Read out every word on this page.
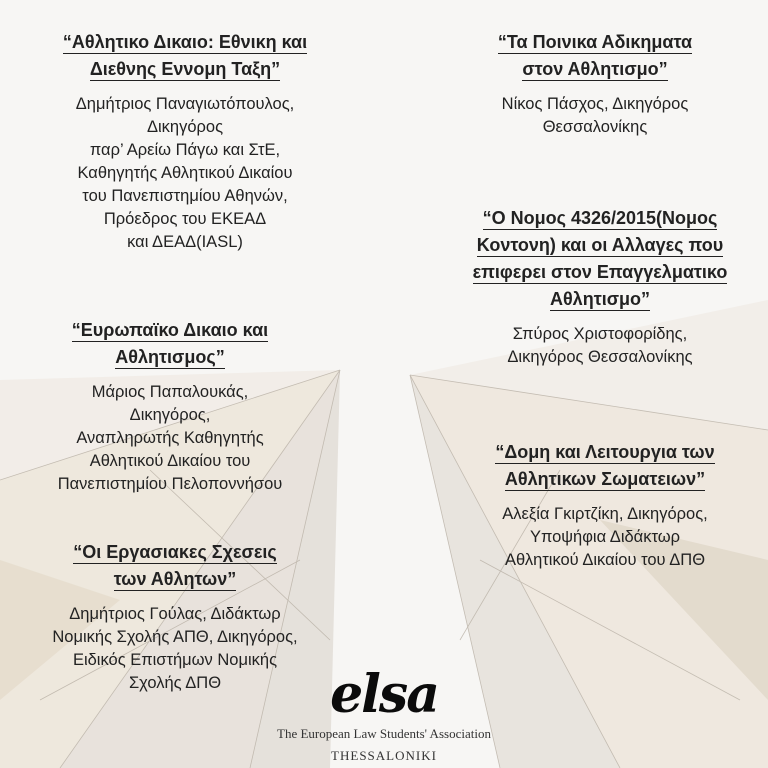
“Αθλητικο Δικαιο: Εθνικη και
Διεθνης Εννομη Ταξη”
Δημήτριος Παναγιωτόπουλος,
Δικηγόρος
παρ’ Αρείω Πάγω και ΣτΕ,
Καθηγητής Αθλητικού Δικαίου
του Πανεπιστημίου Αθηνών,
Πρόεδρος του ΕΚΕΑΔ
και ΔΕΑΔ(IASL)
“Ευρωπαϊκο Δικαιο και
Αθλητισμος”
Μάριος Παπαλουκάς,
Δικηγόρος,
Αναπληρωτής Καθηγητής
Αθλητικού Δικαίου του
Πανεπιστημίου Πελοποννήσου
“Οι Εργασιακες Σχεσεις
των Αθλητων”
Δημήτριος Γούλας, Διδάκτωρ
Νομικής Σχολής ΑΠΘ, Δικηγόρος,
Ειδικός Επιστήμων Νομικής
Σχολής ΔΠΘ
“Τα Ποινικα Αδικηματα
στον Αθλητισμο”
Νίκος Πάσχος, Δικηγόρος
Θεσσαλονίκης
“Ο Νομος 4326/2015(Νομος
Κοντονη) και οι Αλλαγες που
επιφερει στον Επαγγελματικο
Αθλητισμο”
Σπύρος Χριστοφορίδης,
Δικηγόρος Θεσσαλονίκης
“Δομη και Λειτουργια των
Αθλητικων Σωματειων”
Αλεξία Γκιρτζίκη, Δικηγόρος,
Υποψήφια Διδάκτωρ
Αθλητικού Δικαίου του ΔΠΘ
elsa
The European Law Students' Association
THESSALONIKI
